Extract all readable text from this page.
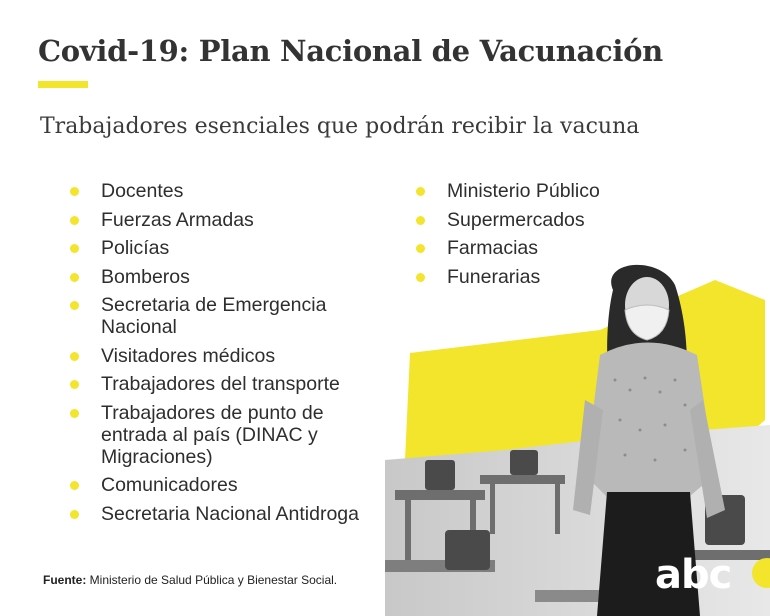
Covid-19: Plan Nacional de Vacunación
Trabajadores esenciales que podrán recibir la vacuna
Docentes
Fuerzas Armadas
Policías
Bomberos
Secretaria de Emergencia Nacional
Visitadores médicos
Trabajadores del transporte
Trabajadores de punto de entrada al país (DINAC y Migraciones)
Comunicadores
Secretaria Nacional Antidroga
Ministerio Público
Supermercados
Farmacias
Funerarias
abc
Fuente: Ministerio de Salud Pública y Bienestar Social.
